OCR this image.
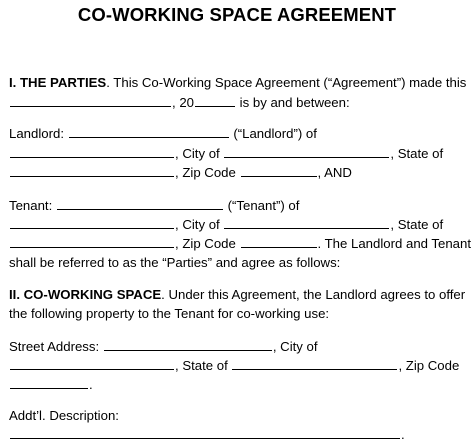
CO-WORKING SPACE AGREEMENT
I. THE PARTIES. This Co-Working Space Agreement (“Agreement”) made this
, 20	is by and between:
Landlord:	(“Landlord”) of
, City of	, State of
, Zip Code	, AND
Tenant:	(“Tenant”) of
, City of	, State of
, Zip Code	. The Landlord and Tenant
shall be referred to as the “Parties” and agree as follows:
II. CO-WORKING SPACE. Under this Agreement, the Landlord agrees to offer
the following property to the Tenant for co-working use:
Street Address:	, City of
, State of	, Zip Code
.
Addt’l. Description:
.
